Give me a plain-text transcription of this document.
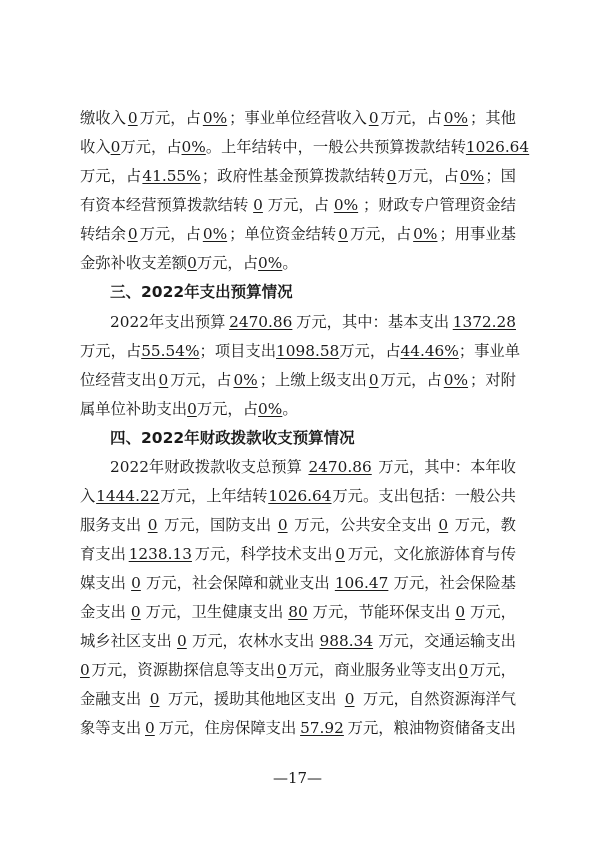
缴收入 0 万元，占 0% ；事业单位经营收入 0 万元，占 0% ；其他
收入 0 万元，占 0% 。上年结转中，一般公共预算拨款结转 1026.64
万元，占 41.55% ；政府性基金预算拨款结转 0 万元，占 0% ；国
有资本经营预算拨款结转 0 万元，占 0% ；财政专户管理资金结
转结余 0 万元，占 0% ；单位资金结转 0 万元，占 0% ；用事业基
金弥补收支差额 0 万元，占 0% 。
三、2022年支出预算情况
2022年支出预算 2470.86 万元，其中：基本支出 1372.28
万元，占 55.54% ；项目支出 1098.58 万元，占 44.46% ；事业单
位经营支出 0 万元，占 0% ；上缴上级支出 0 万元，占 0% ；对附
属单位补助支出 0 万元，占 0% 。
四、2022年财政拨款收支预算情况
2022年财政拨款收支总预算 2470.86 万元，其中：本年收
入 1444.22 万元，上年结转 1026.64 万元。支出包括：一般公共
服务支出 0 万元，国防支出 0 万元，公共安全支出 0 万元，教
育支出 1238.13 万元，科学技术支出 0 万元，文化旅游体育与传
媒支出 0 万元，社会保障和就业支出 106.47 万元，社会保险基
金支出 0 万元，卫生健康支出 80 万元，节能环保支出 0 万元，
城乡社区支出 0 万元，农林水支出 988.34 万元，交通运输支出
0 万元，资源勘探信息等支出 0 万元，商业服务业等支出 0 万元，
金融支出 0 万元，援助其他地区支出 0 万元，自然资源海洋气
象等支出 0 万元，住房保障支出 57.92 万元，粮油物资储备支出
—17—
